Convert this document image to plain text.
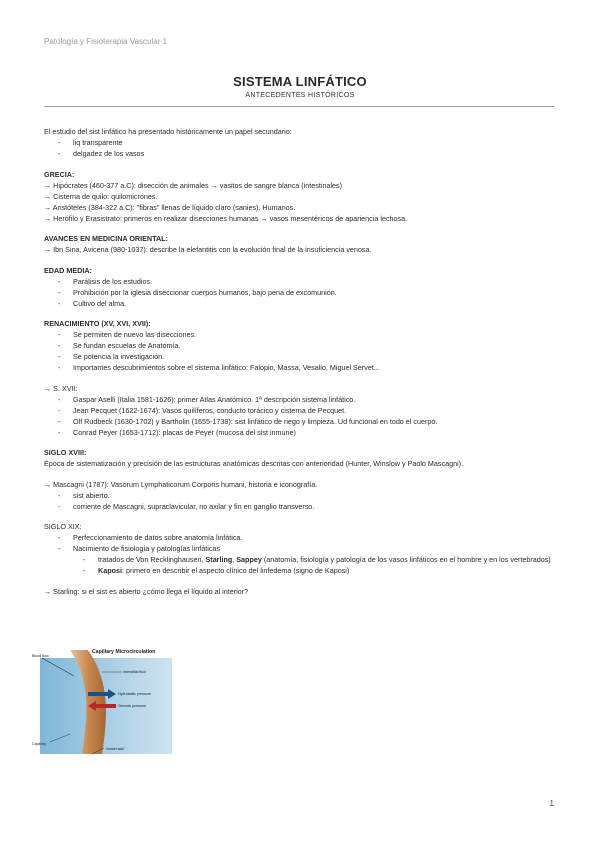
Patología y Fisioterapia Vascular 1
SISTEMA LINFÁTICO
ANTECEDENTES HISTÓRICOS

El estudio del sist linfático ha presentado históricamente un papel secundario:

- liq transparente
- delgadez de los vasos

GRECIA:

→ Hipócrates (460-377 a.C): disección de animales → vasitos de sangre blanca (intestinales)

→ Cisterna de quilo: quilomicrones.

→ Aristóteles (384-322 a.C): "fibras" llenas de líquido claro (sanies). Humanos.

→ Herófilo y Erasistrato: primeros en realizar disecciones humanas → vasos mesentéricos de apariencia lechosa.

AVANCES EN MEDICINA ORIENTAL:

→ Ibn Sina, Avicena (980-1037): describe la elefantitis con la evolución final de la insuficiencia venosa.

EDAD MEDIA:

- Parálisis de los estudios.
- Prohibición por la iglesia diseccionar cuerpos humanos, bajo pena de excomunión.
- Cultivo del alma.

RENACIMIENTO (XV, XVI, XVII):

- Se permiten de nuevo las disecciones.
- Se fundan escuelas de Anatomía.
- Se potencia la investigación.
- Importantes descubrimientos sobre el sistema linfático: Falopio, Massa, Vesalio, Miguel Servet...

→ S. XVII:

- Gaspar Aselli (Italia 1581-1626): primer Atlas Anatómico. 1ª descripción sistema linfático.
- Jean Pecquet (1622-1674): Vasos quilíferos, conducto torácico y cisterna de Pecquet.
- Olf Rudbeck (1630-1702) y Bartholin (1655-1738): sist linfático de riego y limpieza. Ud funcional en todo el cuerpo.
- Conrad Peyer (1653-1712): placas de Peyer (mucosa del sist inmune)

SIGLO XVIII:

Época de sistematización y precisión de las estructuras anatómicas descritas con anterioridad (Hunter, Winslow y Paolo Mascagni).

→ Mascagni (1787): Vasorum Lymphaticorum Corporis humani, historia e iconografía.

- sist abierto.
- corriente de Mascagni, supraclavicular, no axilar y fin en ganglio transverso.

SIGLO XIX:

- Perfeccionamiento de datos sobre anatomía linfática.
- Nacimiento de fisiología y patologías linfáticas
- tratados de Von Recklinghausen, Starling, Sappey (anatomía, fisiología y patología de los vasos linfáticos en el hombre y en los vertebrados)
- Kaposi: primero en describir el aspecto clínico del linfedema (signo de Kaposi)

→ Starling: si el sist es abierto ¿cómo llega el líquido al interior?

Capillary Microcirculation
Blood flow
Interstitial fluid
Hydrostatic pressure
Osmotic pressure
Capillary
Vessel wall
1
